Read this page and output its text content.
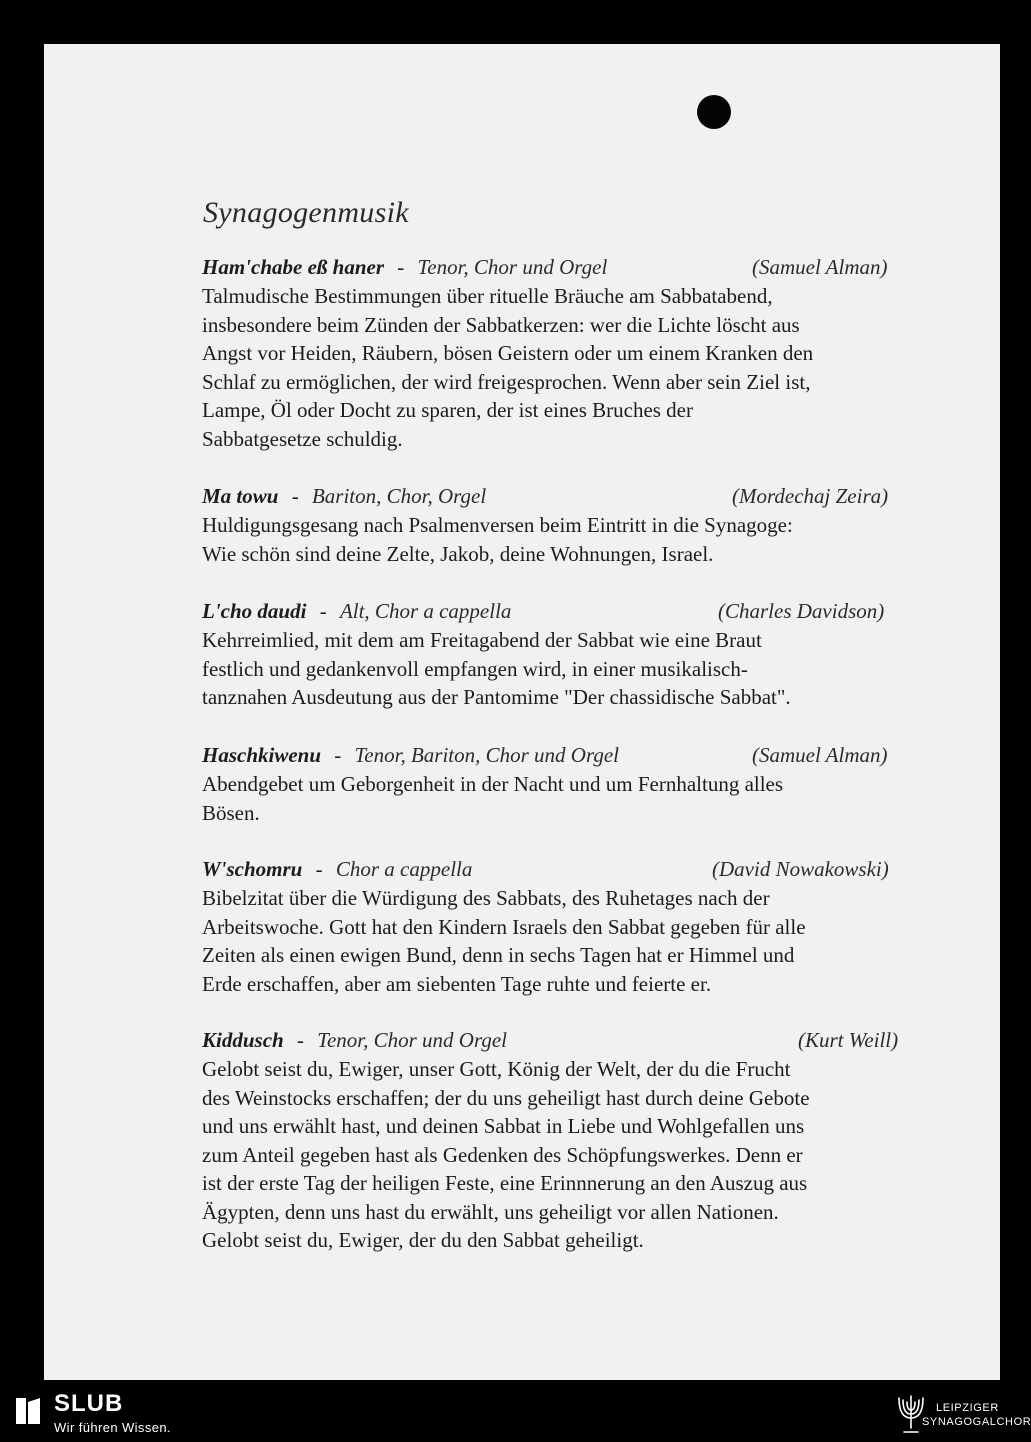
Synagogenmusik
Ham'chabe eß haner - Tenor, Chor und Orgel	(Samuel Alman)

Talmudische Bestimmungen über rituelle Bräuche am Sabbatabend,
insbesondere beim Zünden der Sabbatkerzen: wer die Lichte löscht aus
Angst vor Heiden, Räubern, bösen Geistern oder um einem Kranken den
Schlaf zu ermöglichen, der wird freigesprochen. Wenn aber sein Ziel ist,
Lampe, Öl oder Docht zu sparen, der ist eines Bruches der
Sabbatgesetze schuldig.

Ma towu - Bariton, Chor, Orgel	(Mordechaj Zeira)

Huldigungsgesang nach Psalmenversen beim Eintritt in die Synagoge:
Wie schön sind deine Zelte, Jakob, deine Wohnungen, Israel.

L'cho daudi - Alt, Chor a cappella	(Charles Davidson)

Kehrreimlied, mit dem am Freitagabend der Sabbat wie eine Braut
festlich und gedankenvoll empfangen wird, in einer musikalisch-
tanznahen Ausdeutung aus der Pantomime "Der chassidische Sabbat".

Haschkiwenu - Tenor, Bariton, Chor und Orgel	(Samuel Alman)

Abendgebet um Geborgenheit in der Nacht und um Fernhaltung alles
Bösen.

W'schomru - Chor a cappella	(David Nowakowski)

Bibelzitat über die Würdigung des Sabbats, des Ruhetages nach der
Arbeitswoche. Gott hat den Kindern Israels den Sabbat gegeben für alle
Zeiten als einen ewigen Bund, denn in sechs Tagen hat er Himmel und
Erde erschaffen, aber am siebenten Tage ruhte und feierte er.

Kiddusch - Tenor, Chor und Orgel	(Kurt Weill)

Gelobt seist du, Ewiger, unser Gott, König der Welt, der du die Frucht
des Weinstocks erschaffen; der du uns geheiligt hast durch deine Gebote
und uns erwählt hast, und deinen Sabbat in Liebe und Wohlgefallen uns
zum Anteil gegeben hast als Gedenken des Schöpfungswerkes. Denn er
ist der erste Tag der heiligen Feste, eine Erinnnerung an den Auszug aus
Ägypten, denn uns hast du erwählt, uns geheiligt vor allen Nationen.
Gelobt seist du, Ewiger, der du den Sabbat geheiligt.

SLUB
Wir führen Wissen.
LEIPZIGER
SYNAGOGALCHOR
